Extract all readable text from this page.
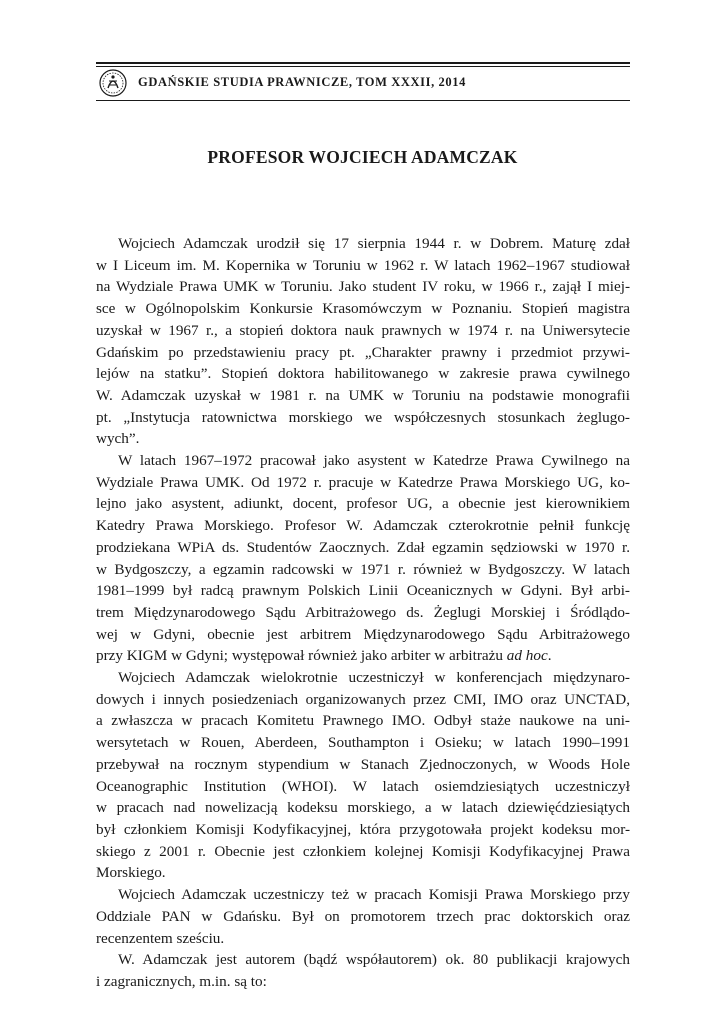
GDAŃSKIE STUDIA PRAWNICZE, TOM XXXII, 2014
PROFESOR WOJCIECH ADAMCZAK

Wojciech Adamczak urodził się 17 sierpnia 1944 r. w Dobrem. Maturę zdał
w I Liceum im. M. Kopernika w Toruniu w 1962 r. W latach 1962–1967 studiował
na Wydziale Prawa UMK w Toruniu. Jako student IV roku, w 1966 r., zajął I miej-
sce w Ogólnopolskim Konkursie Krasomówczym w Poznaniu. Stopień magistra
uzyskał w 1967 r., a stopień doktora nauk prawnych w 1974 r. na Uniwersytecie
Gdańskim po przedstawieniu pracy pt. „Charakter prawny i przedmiot przywi-
lejów na statku”. Stopień doktora habilitowanego w zakresie prawa cywilnego
W. Adamczak uzyskał w 1981 r. na UMK w Toruniu na podstawie monografii
pt. „Instytucja ratownictwa morskiego we współczesnych stosunkach żeglugo-
wych”.

W latach 1967–1972 pracował jako asystent w Katedrze Prawa Cywilnego na
Wydziale Prawa UMK. Od 1972 r. pracuje w Katedrze Prawa Morskiego UG, ko-
lejno jako asystent, adiunkt, docent, profesor UG, a obecnie jest kierownikiem
Katedry Prawa Morskiego. Profesor W. Adamczak czterokrotnie pełnił funkcję
prodziekana WPiA ds. Studentów Zaocznych. Zdał egzamin sędziowski w 1970 r.
w Bydgoszczy, a egzamin radcowski w 1971 r. również w Bydgoszczy. W latach
1981–1999 był radcą prawnym Polskich Linii Oceanicznych w Gdyni. Był arbi-
trem Międzynarodowego Sądu Arbitrażowego ds. Żeglugi Morskiej i Śródlądo-
wej w Gdyni, obecnie jest arbitrem Międzynarodowego Sądu Arbitrażowego
przy KIGM w Gdyni; występował również jako arbiter w arbitrażu ad hoc.

Wojciech Adamczak wielokrotnie uczestniczył w konferencjach międzynaro-
dowych i innych posiedzeniach organizowanych przez CMI, IMO oraz UNCTAD,
a zwłaszcza w pracach Komitetu Prawnego IMO. Odbył staże naukowe na uni-
wersytetach w Rouen, Aberdeen, Southampton i Osieku; w latach 1990–1991
przebywał na rocznym stypendium w Stanach Zjednoczonych, w Woods Hole
Oceanographic Institution (WHOI). W latach osiemdziesiątych uczestniczył
w pracach nad nowelizacją kodeksu morskiego, a w latach dziewięćdziesiątych
był członkiem Komisji Kodyfikacyjnej, która przygotowała projekt kodeksu mor-
skiego z 2001 r. Obecnie jest członkiem kolejnej Komisji Kodyfikacyjnej Prawa
Morskiego.

Wojciech Adamczak uczestniczy też w pracach Komisji Prawa Morskiego przy
Oddziale PAN w Gdańsku. Był on promotorem trzech prac doktorskich oraz
recenzentem sześciu.

W. Adamczak jest autorem (bądź współautorem) ok. 80 publikacji krajowych
i zagranicznych, m.in. są to:
